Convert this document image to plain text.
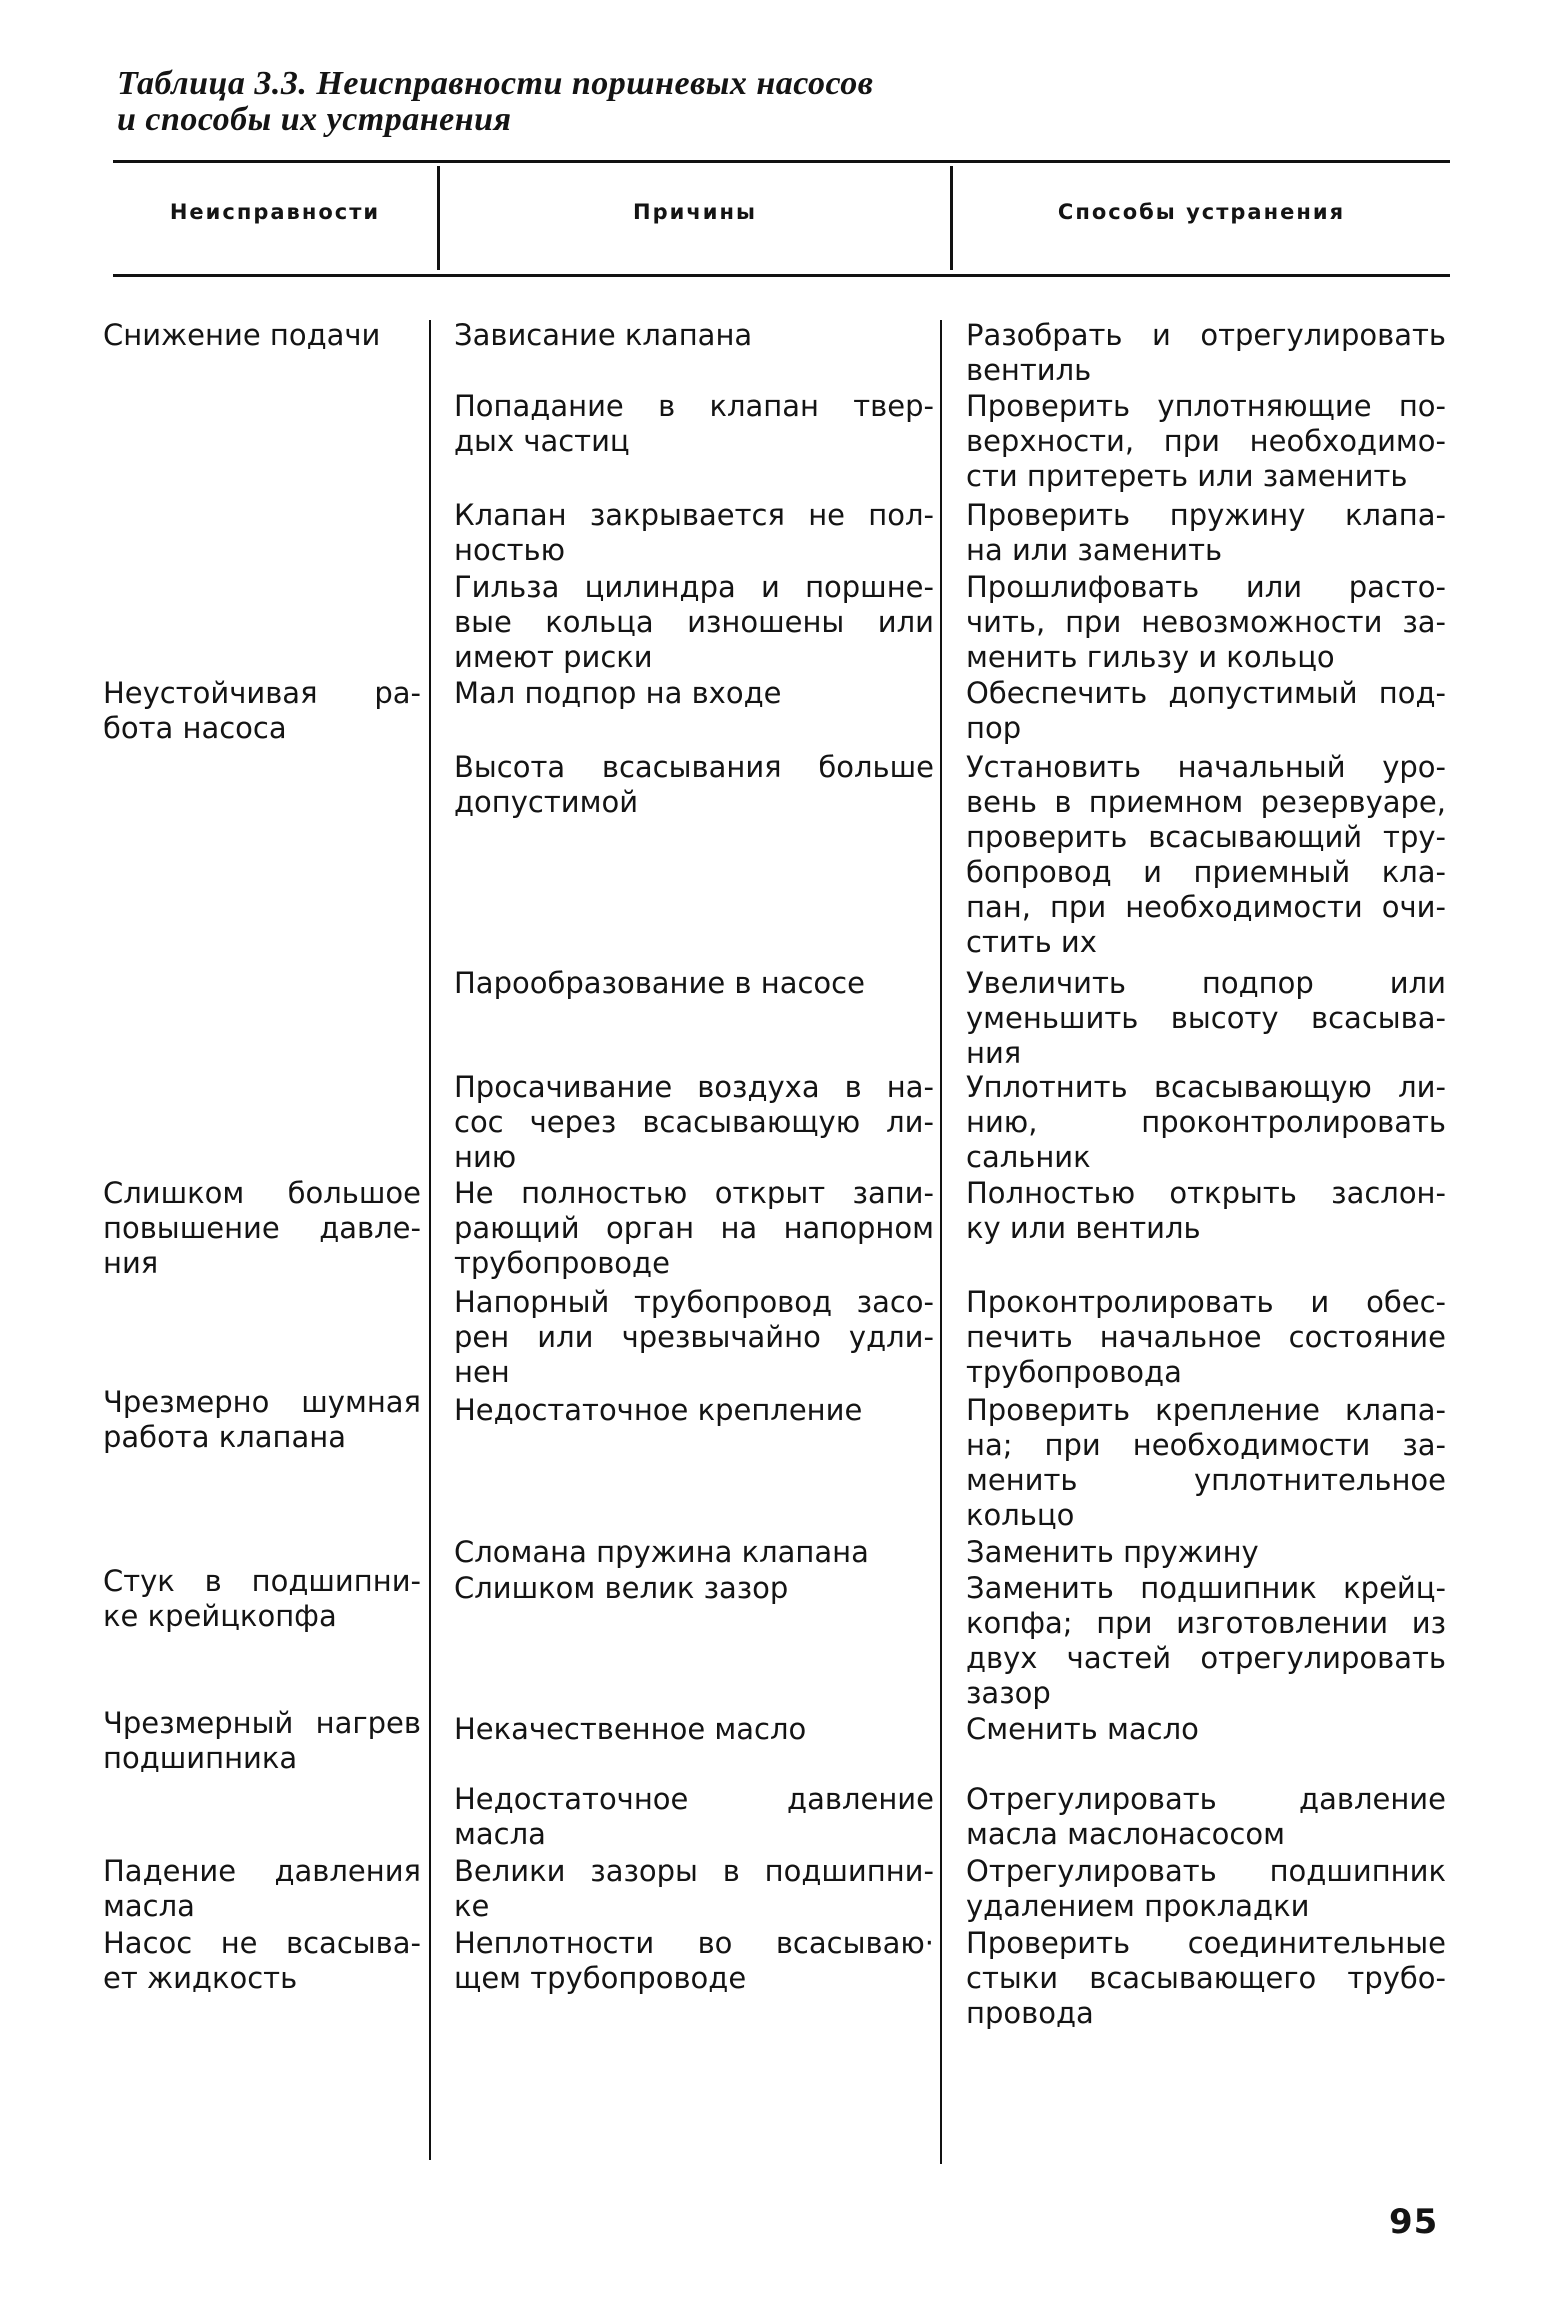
Таблица 3.3. Неисправности поршневых насосов
и способы их устранения
Неисправности	Причины	Способы устранения
Снижение подачи
Неустойчивая ра-
бота насоса
Слишком большое
повышение давле-
ния
Чрезмерно шумная
работа клапана
Стук в подшипни-
ке крейцкопфа
Чрезмерный нагрев
подшипника
Падение давления
масла
Насос не всасыва-
ет жидкость
Зависание клапана
Попадание в клапан твер-
дых частиц
Клапан закрывается не пол-
ностью
Гильза цилиндра и поршне-
вые кольца изношены или
имеют риски
Мал подпор на входе
Высота всасывания больше
допустимой
Парообразование в насосе
Просачивание воздуха в на-
сос через всасывающую ли-
нию
Не полностью открыт запи-
рающий орган на напорном
трубопроводе
Напорный трубопровод засо-
рен или чрезвычайно удли-
нен
Недостаточное крепление
Сломана пружина клапана
Слишком велик зазор
Некачественное масло
Недостаточное давление
масла
Велики зазоры в подшипни-
ке
Неплотности во всасываю·
щем трубопроводе
Разобрать и отрегулировать
вентиль
Проверить уплотняющие по-
верхности, при необходимо-
сти притереть или заменить
Проверить пружину клапа-
на или заменить
Прошлифовать или расто-
чить, при невозможности за-
менить гильзу и кольцо
Обеспечить допустимый под-
пор
Установить начальный уро-
вень в приемном резервуаре,
проверить всасывающий тру-
бопровод и приемный кла-
пан, при необходимости очи-
стить их
Увеличить подпор или
уменьшить высоту всасыва-
ния
Уплотнить всасывающую ли-
нию, проконтролировать
сальник
Полностью открыть заслон-
ку или вентиль
Проконтролировать и обес-
печить начальное состояние
трубопровода
Проверить крепление клапа-
на; при необходимости за-
менить уплотнительное
кольцо
Заменить пружину
Заменить подшипник крейц-
копфа; при изготовлении из
двух частей отрегулировать
зазор
Сменить масло
Отрегулировать давление
масла маслонасосом
Отрегулировать подшипник
удалением прокладки
Проверить соединительные
стыки всасывающего трубо-
провода
95
